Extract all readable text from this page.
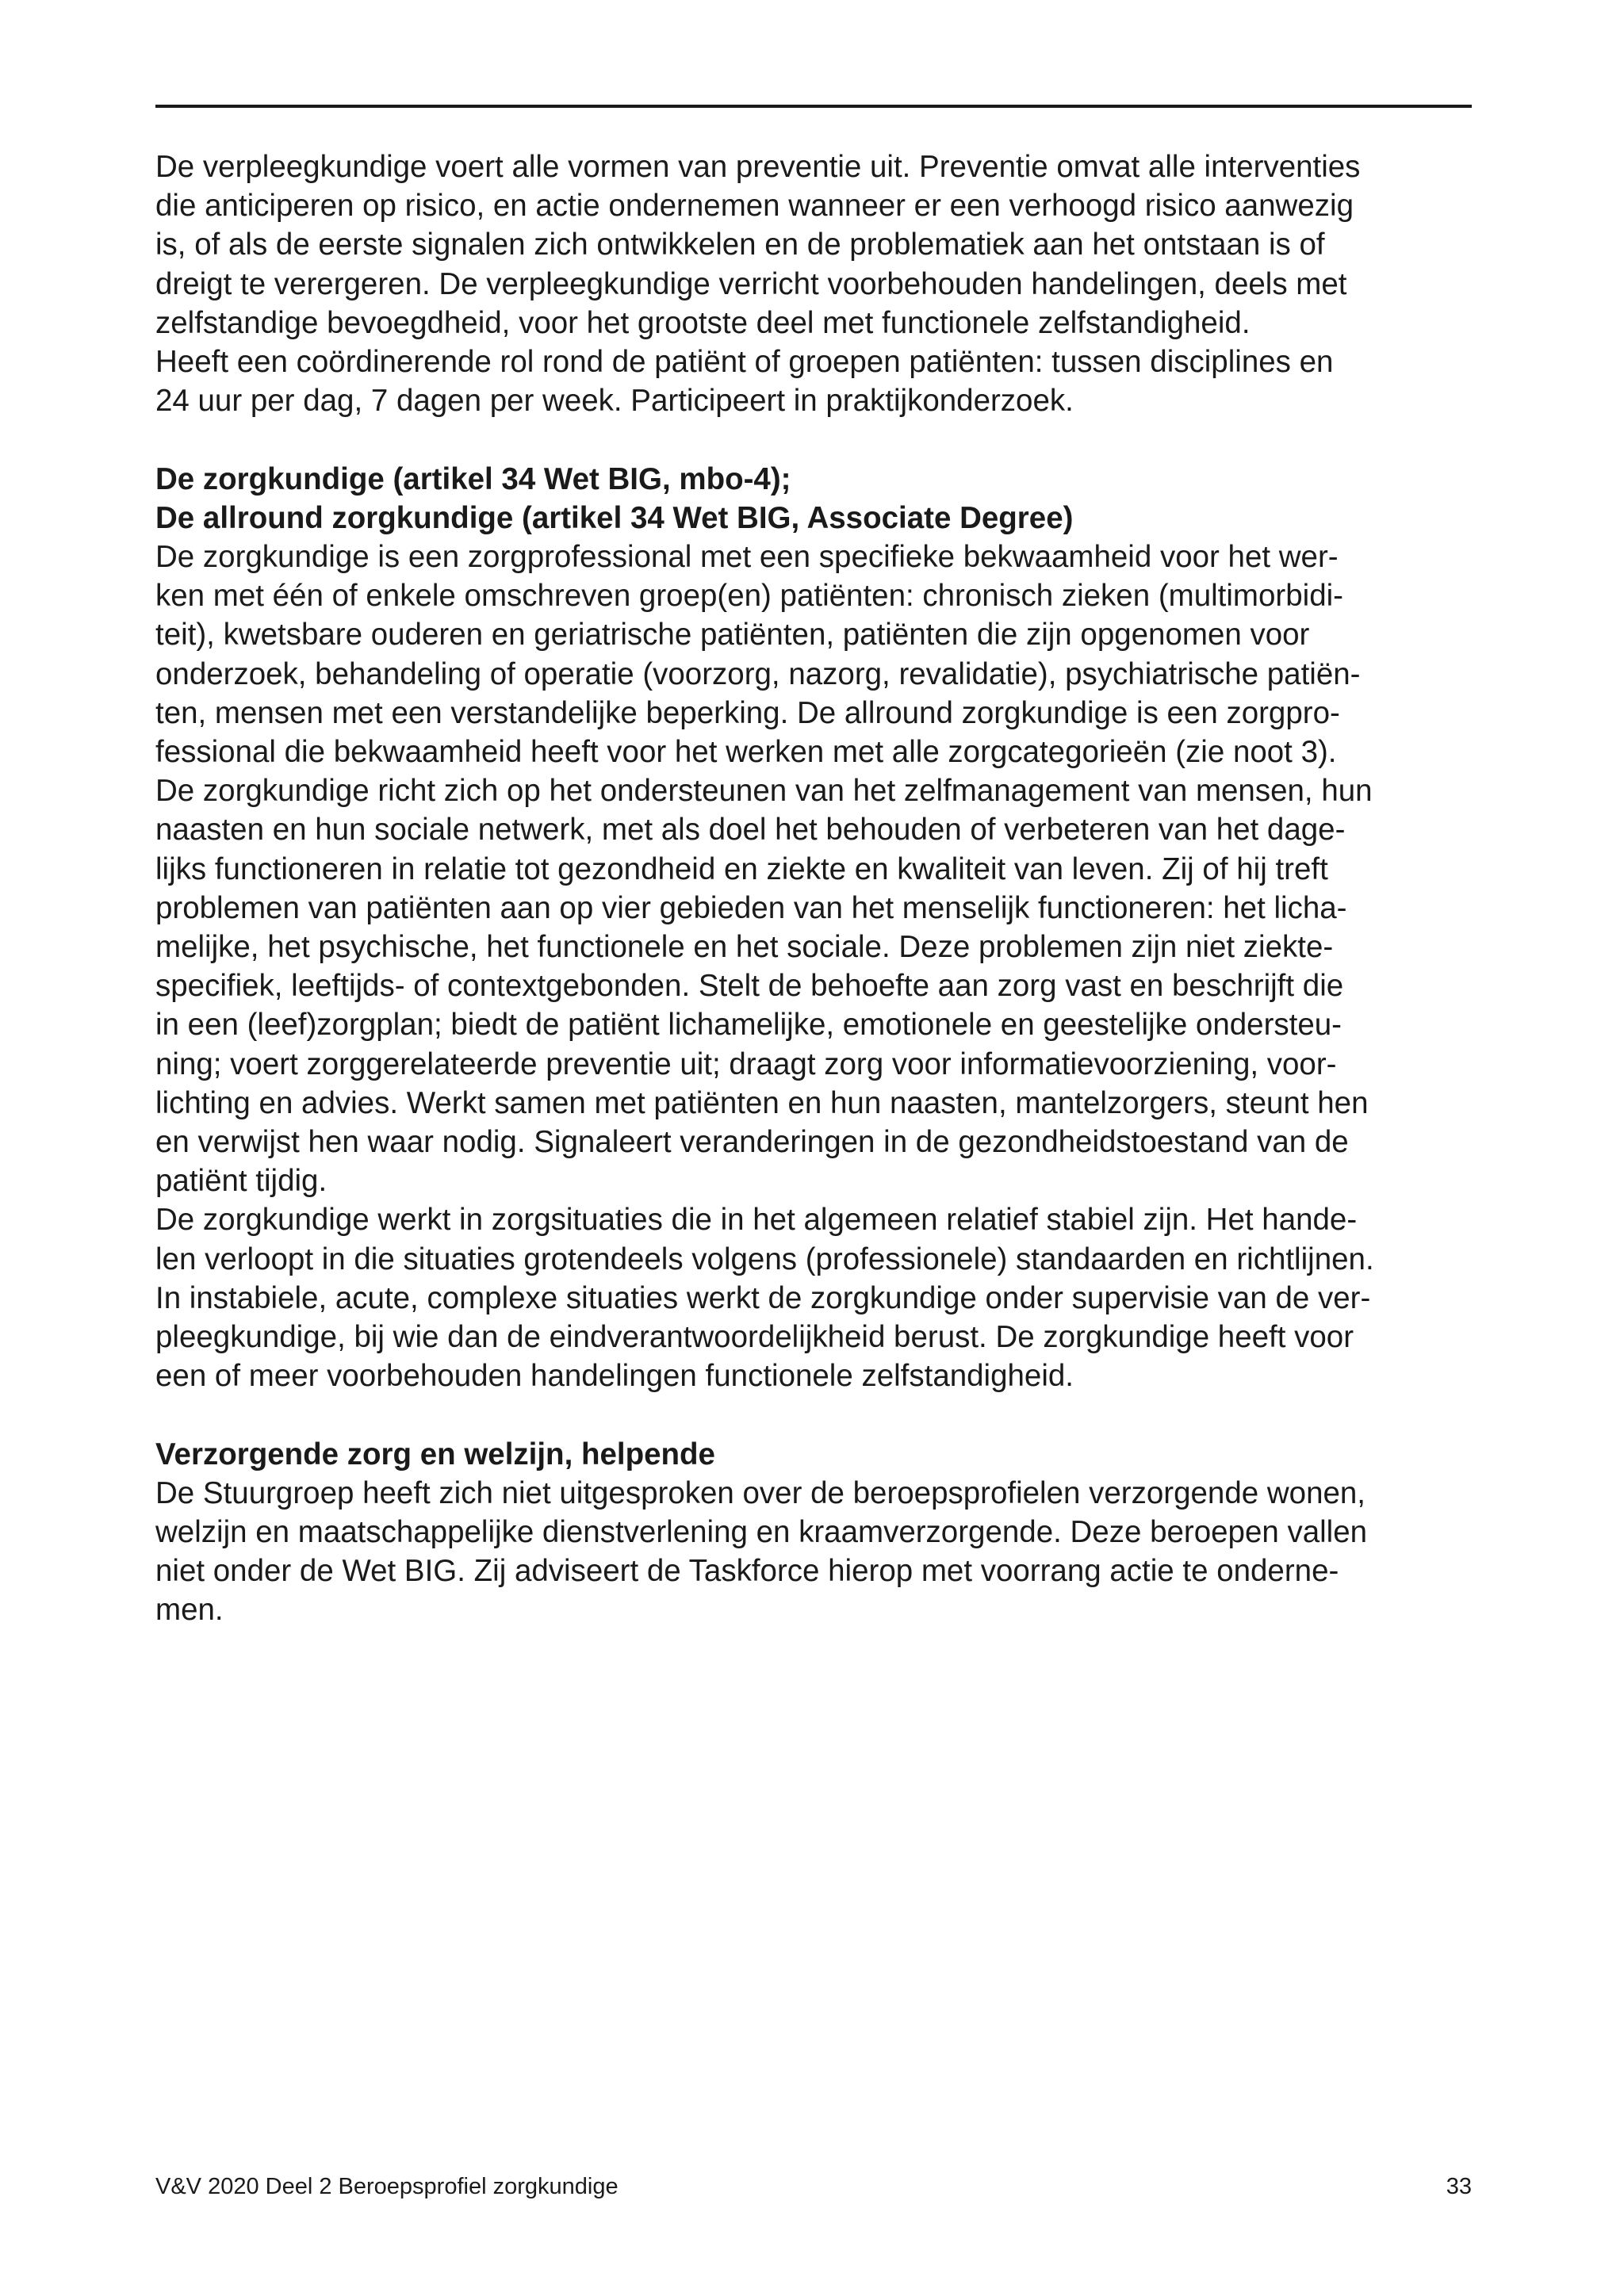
De verpleegkundige voert alle vormen van preventie uit. Preventie omvat alle interventies

die anticiperen op risico, en actie ondernemen wanneer er een verhoogd risico aanwezig

is, of als de eerste signalen zich ontwikkelen en de problematiek aan het ontstaan is of

dreigt te verergeren. De verpleegkundige verricht voorbehouden handelingen, deels met

zelfstandige bevoegdheid, voor het grootste deel met functionele zelfstandigheid.

Heeft een coördinerende rol rond de patiënt of groepen patiënten: tussen disciplines en

24 uur per dag, 7 dagen per week. Participeert in praktijkonderzoek.

De zorgkundige (artikel 34 Wet BIG, mbo-4);
De allround zorgkundige (artikel 34 Wet BIG, Associate Degree)

De zorgkundige is een zorgprofessional met een specifieke bekwaamheid voor het wer-

ken met één of enkele omschreven groep(en) patiënten: chronisch zieken (multimorbidi-

teit), kwetsbare ouderen en geriatrische patiënten, patiënten die zijn opgenomen voor

onderzoek, behandeling of operatie (voorzorg, nazorg, revalidatie), psychiatrische patiën-

ten, mensen met een verstandelijke beperking. De allround zorgkundige is een zorgpro-

fessional die bekwaamheid heeft voor het werken met alle zorgcategorieën (zie noot 3).

De zorgkundige richt zich op het ondersteunen van het zelfmanagement van mensen, hun

naasten en hun sociale netwerk, met als doel het behouden of verbeteren van het dage-

lijks functioneren in relatie tot gezondheid en ziekte en kwaliteit van leven. Zij of hij treft

problemen van patiënten aan op vier gebieden van het menselijk functioneren: het licha-

melijke, het psychische, het functionele en het sociale. Deze problemen zijn niet ziekte-

specifiek, leeftijds- of contextgebonden. Stelt de behoefte aan zorg vast en beschrijft die

in een (leef)zorgplan; biedt de patiënt lichamelijke, emotionele en geestelijke ondersteu-

ning; voert zorggerelateerde preventie uit; draagt zorg voor informatievoorziening, voor-

lichting en advies. Werkt samen met patiënten en hun naasten, mantelzorgers, steunt hen

en verwijst hen waar nodig. Signaleert veranderingen in de gezondheidstoestand van de

patiënt tijdig.

De zorgkundige werkt in zorgsituaties die in het algemeen relatief stabiel zijn. Het hande-

len verloopt in die situaties grotendeels volgens (professionele) standaarden en richtlijnen.

In instabiele, acute, complexe situaties werkt de zorgkundige onder supervisie van de ver-

pleegkundige, bij wie dan de eindverantwoordelijkheid berust. De zorgkundige heeft voor

een of meer voorbehouden handelingen functionele zelfstandigheid.

Verzorgende zorg en welzijn, helpende

De Stuurgroep heeft zich niet uitgesproken over de beroepsprofielen verzorgende wonen,

welzijn en maatschappelijke dienstverlening en kraamverzorgende. Deze beroepen vallen

niet onder de Wet BIG. Zij adviseert de Taskforce hierop met voorrang actie te onderne-

men.

V&V 2020 Deel 2 Beroepsprofiel zorgkundige	33
